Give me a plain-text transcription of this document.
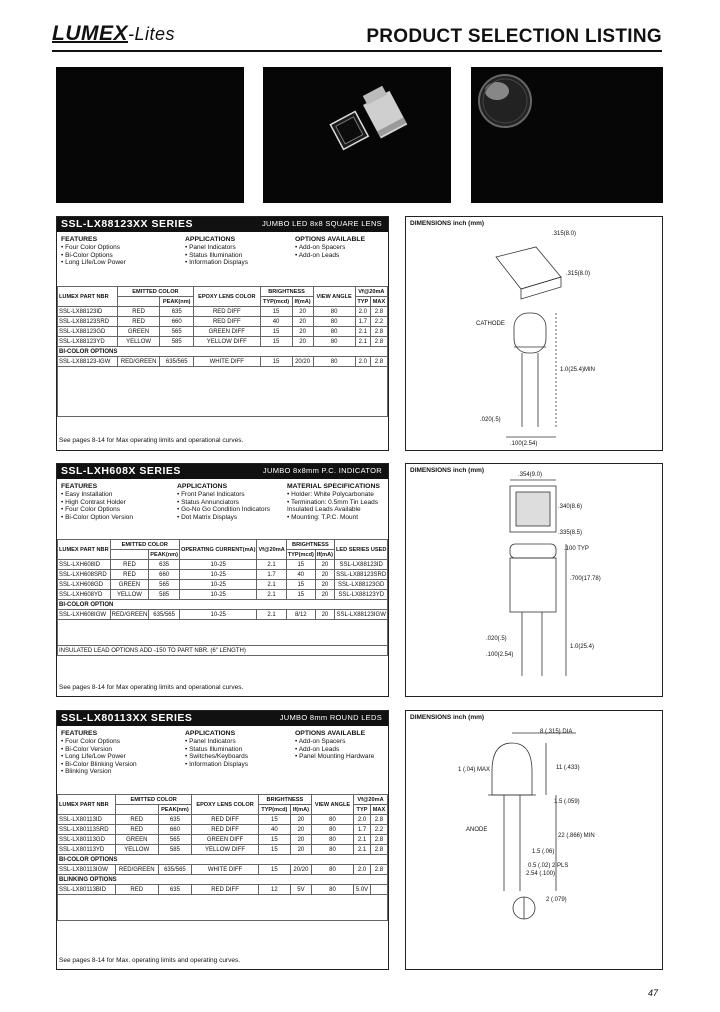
LUMEX-Lites	PRODUCT SELECTION LISTING
SSL-LX88123XX SERIES	JUMBO LED 8x8 SQUARE LENS
FEATURES
• Four Color Options
• Bi-Color Options
• Long Life/Low Power
APPLICATIONS
• Panel Indicators
• Status Illumination
• Information Displays
OPTIONS AVAILABLE
• Add-on Spacers
• Add-on Leads
LUMEX PART NBR	EMITTED COLOR		EPOXY LENS COLOR	BRIGHTNESS		VIEW ANGLE	Vf@20mA	
		PEAK(nm)		TYP(mcd)	If(mA)		TYP	MAX
SSL-LX88123ID	RED	635	RED DIFF	15	20	80	2.0	2.8
SSL-LX88123SRD	RED	660	RED DIFF	40	20	80	1.7	2.2
SSL-LX88123GD	GREEN	565	GREEN DIFF	15	20	80	2.1	2.8
SSL-LX88123YD	YELLOW	585	YELLOW DIFF	15	20	80	2.1	2.8
BI-COLOR OPTIONS								
SSL-LX88123-IGW	RED/GREEN	635/565	WHITE DIFF	15	20/20	80	2.0	2.8

See pages 8-14 for Max operating limits and operational curves.
SSL-LXH608X SERIES	JUMBO 8x8mm P.C. INDICATOR
FEATURES
• Easy Installation
• High Contrast Holder
• Four Color Options
• Bi-Color Option Version
APPLICATIONS
• Front Panel Indicators
• Status Annunciators
• Go-No Go Condition Indicators
• Dot Matrix Displays
MATERIAL SPECIFICATIONS
• Holder: White Polycarbonate
• Termination: 0.5mm Tin Leads
Insulated Leads Available
• Mounting: T.P.C. Mount
LUMEX PART NBR	EMITTED COLOR		OPERATING CURRENT(mA)	Vf@20mA	BRIGHTNESS		LED SERIES USED
		PEAK(nm)			TYP(mcd)	If(mA)	
SSL-LXH608ID	RED	635	10-25	2.1	15	20	SSL-LX88123ID
SSL-LXH608SRD	RED	660	10-25	1.7	40	20	SSL-LX88123SRD
SSL-LXH608GD	GREEN	565	10-25	2.1	15	20	SSL-LX88123GD
SSL-LXH608YD	YELLOW	585	10-25	2.1	15	20	SSL-LX88123YD
BI-COLOR OPTION							
SSL-LXH608IGW	RED/GREEN	635/565	10-25	2.1	8/12	20	SSL-LX88123IGW

INSULATED LEAD OPTIONS ADD -150 TO PART NBR. (6" LENGTH)							
See pages 8-14 for Max operating limits and operational curves.
SSL-LX80113XX SERIES	JUMBO 8mm ROUND LEDS
FEATURES
• Four Color Options
• Bi-Color Version
• Long Life/Low Power
• Bi-Color Blinking Version
• Blinking Version
APPLICATIONS
• Panel Indicators
• Status Illumination
• Switches/Keyboards
• Information Displays
OPTIONS AVAILABLE
• Add-on Spacers
• Add-on Leads
• Panel Mounting Hardware
LUMEX PART NBR	EMITTED COLOR		EPOXY LENS COLOR	BRIGHTNESS		VIEW ANGLE	Vf@20mA	
		PEAK(nm)		TYP(mcd)	If(mA)		TYP	MAX
SSL-LX80113ID	RED	635	RED DIFF	15	20	80	2.0	2.8
SSL-LX80113SRD	RED	660	RED DIFF	40	20	80	1.7	2.2
SSL-LX80113GD	GREEN	565	GREEN DIFF	15	20	80	2.1	2.8
SSL-LX80113YD	YELLOW	585	YELLOW DIFF	15	20	80	2.1	2.8
BI-COLOR OPTIONS								
SSL-LX80113IGW	RED/GREEN	635/565	WHITE DIFF	15	20/20	80	2.0	2.8
BLINKING OPTIONS								
SSL-LX80113BID	RED	635	RED DIFF	12	5V	80	5.0V	

See pages 8-14 for Max. operating limits and operating curves.
DIMENSIONS inch (mm)
.315(8.0)
.315(8.0)
1.0(25.4)MIN
.100(2.54)
.020(.5)
CATHODE
DIMENSIONS inch (mm)
.354(9.0)
.340(8.6)
.335(8.5)
.100 TYP
.700(17.78)
.020(.5)
.100(2.54)
1.0(25.4)
DIMENSIONS inch (mm)
8 (.315) DIA
1 (.04) MAX	11 (.433)
1.5 (.059)
22 (.866) MIN
1.5 (.06)
ANODE
0.5 (.02) 2 PLS
2.54 (.100)
2 (.079)
47
